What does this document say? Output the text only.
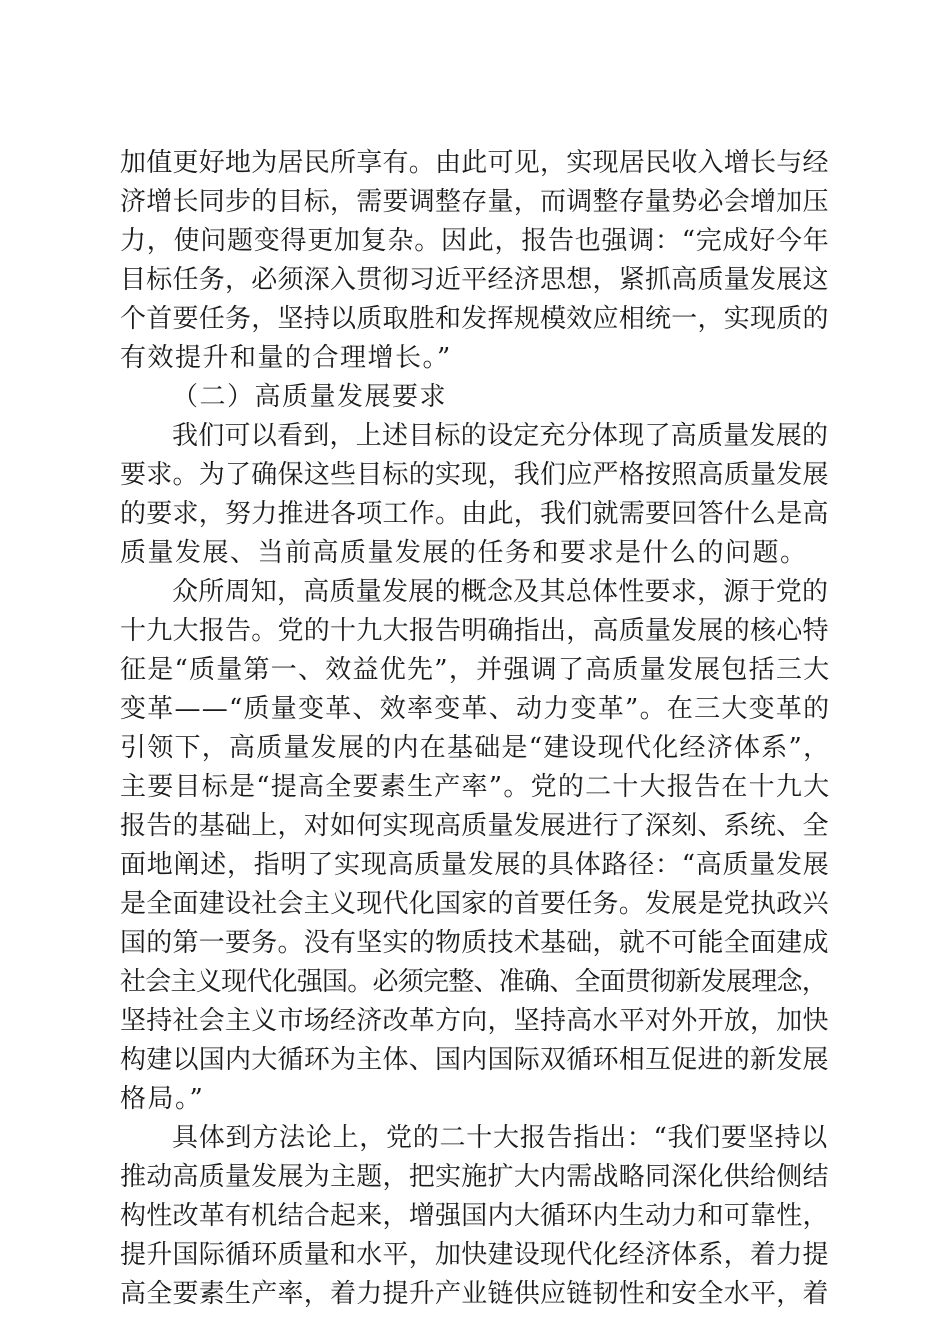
加值更好地为居民所享有。由此可见，实现居民收入增长与经
济增长同步的目标，需要调整存量，而调整存量势必会增加压
力，使问题变得更加复杂。因此，报告也强调：“完成好今年
目标任务，必须深入贯彻习近平经济思想，紧抓高质量发展这
个首要任务，坚持以质取胜和发挥规模效应相统一，实现质的
有效提升和量的合理增长。”
（二）高质量发展要求
我们可以看到，上述目标的设定充分体现了高质量发展的
要求。为了确保这些目标的实现，我们应严格按照高质量发展
的要求，努力推进各项工作。由此，我们就需要回答什么是高
质量发展、当前高质量发展的任务和要求是什么的问题。
众所周知，高质量发展的概念及其总体性要求，源于党的
十九大报告。党的十九大报告明确指出，高质量发展的核心特
征是“质量第一、效益优先”，并强调了高质量发展包括三大
变革——“质量变革、效率变革、动力变革”。在三大变革的
引领下，高质量发展的内在基础是“建设现代化经济体系”，
主要目标是“提高全要素生产率”。党的二十大报告在十九大
报告的基础上，对如何实现高质量发展进行了深刻、系统、全
面地阐述，指明了实现高质量发展的具体路径：“高质量发展
是全面建设社会主义现代化国家的首要任务。发展是党执政兴
国的第一要务。没有坚实的物质技术基础，就不可能全面建成
社会主义现代化强国。必须完整、准确、全面贯彻新发展理念，
坚持社会主义市场经济改革方向，坚持高水平对外开放，加快
构建以国内大循环为主体、国内国际双循环相互促进的新发展
格局。”
具体到方法论上，党的二十大报告指出：“我们要坚持以
推动高质量发展为主题，把实施扩大内需战略同深化供给侧结
构性改革有机结合起来，增强国内大循环内生动力和可靠性，
提升国际循环质量和水平，加快建设现代化经济体系，着力提
高全要素生产率，着力提升产业链供应链韧性和安全水平，着
